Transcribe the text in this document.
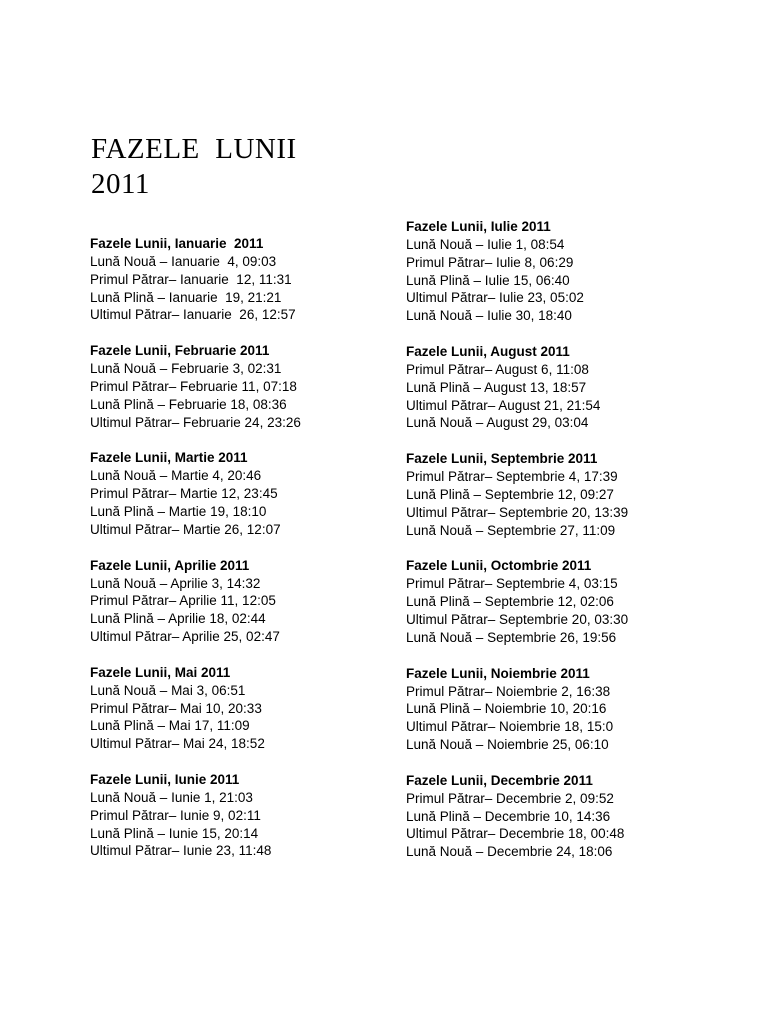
FAZELE  LUNII
2011
Fazele Lunii, Ianuarie  2011
Lună Nouă – Ianuarie  4, 09:03
Primul Pătrar– Ianuarie  12, 11:31
Lună Plină – Ianuarie  19, 21:21
Ultimul Pătrar– Ianuarie  26, 12:57
Fazele Lunii, Februarie 2011
Lună Nouă – Februarie 3, 02:31
Primul Pătrar– Februarie 11, 07:18
Lună Plină – Februarie 18, 08:36
Ultimul Pătrar– Februarie 24, 23:26
Fazele Lunii, Martie 2011
Lună Nouă – Martie 4, 20:46
Primul Pătrar– Martie 12, 23:45
Lună Plină – Martie 19, 18:10
Ultimul Pătrar– Martie 26, 12:07
Fazele Lunii, Aprilie 2011
Lună Nouă – Aprilie 3, 14:32
Primul Pătrar– Aprilie 11, 12:05
Lună Plină – Aprilie 18, 02:44
Ultimul Pătrar– Aprilie 25, 02:47
Fazele Lunii, Mai 2011
Lună Nouă – Mai 3, 06:51
Primul Pătrar– Mai 10, 20:33
Lună Plină – Mai 17, 11:09
Ultimul Pătrar– Mai 24, 18:52
Fazele Lunii, Iunie 2011
Lună Nouă – Iunie 1, 21:03
Primul Pătrar– Iunie 9, 02:11
Lună Plină – Iunie 15, 20:14
Ultimul Pătrar– Iunie 23, 11:48
Fazele Lunii, Iulie 2011
Lună Nouă – Iulie 1, 08:54
Primul Pătrar– Iulie 8, 06:29
Lună Plină – Iulie 15, 06:40
Ultimul Pătrar– Iulie 23, 05:02
Lună Nouă – Iulie 30, 18:40
Fazele Lunii, August 2011
Primul Pătrar– August 6, 11:08
Lună Plină – August 13, 18:57
Ultimul Pătrar– August 21, 21:54
Lună Nouă – August 29, 03:04
Fazele Lunii, Septembrie 2011
Primul Pătrar– Septembrie 4, 17:39
Lună Plină – Septembrie 12, 09:27
Ultimul Pătrar– Septembrie 20, 13:39
Lună Nouă – Septembrie 27, 11:09
Fazele Lunii, Octombrie 2011
Primul Pătrar– Septembrie 4, 03:15
Lună Plină – Septembrie 12, 02:06
Ultimul Pătrar– Septembrie 20, 03:30
Lună Nouă – Septembrie 26, 19:56
Fazele Lunii, Noiembrie 2011
Primul Pătrar– Noiembrie 2, 16:38
Lună Plină – Noiembrie 10, 20:16
Ultimul Pătrar– Noiembrie 18, 15:0
Lună Nouă – Noiembrie 25, 06:10
Fazele Lunii, Decembrie 2011
Primul Pătrar– Decembrie 2, 09:52
Lună Plină – Decembrie 10, 14:36
Ultimul Pătrar– Decembrie 18, 00:48
Lună Nouă – Decembrie 24, 18:06
